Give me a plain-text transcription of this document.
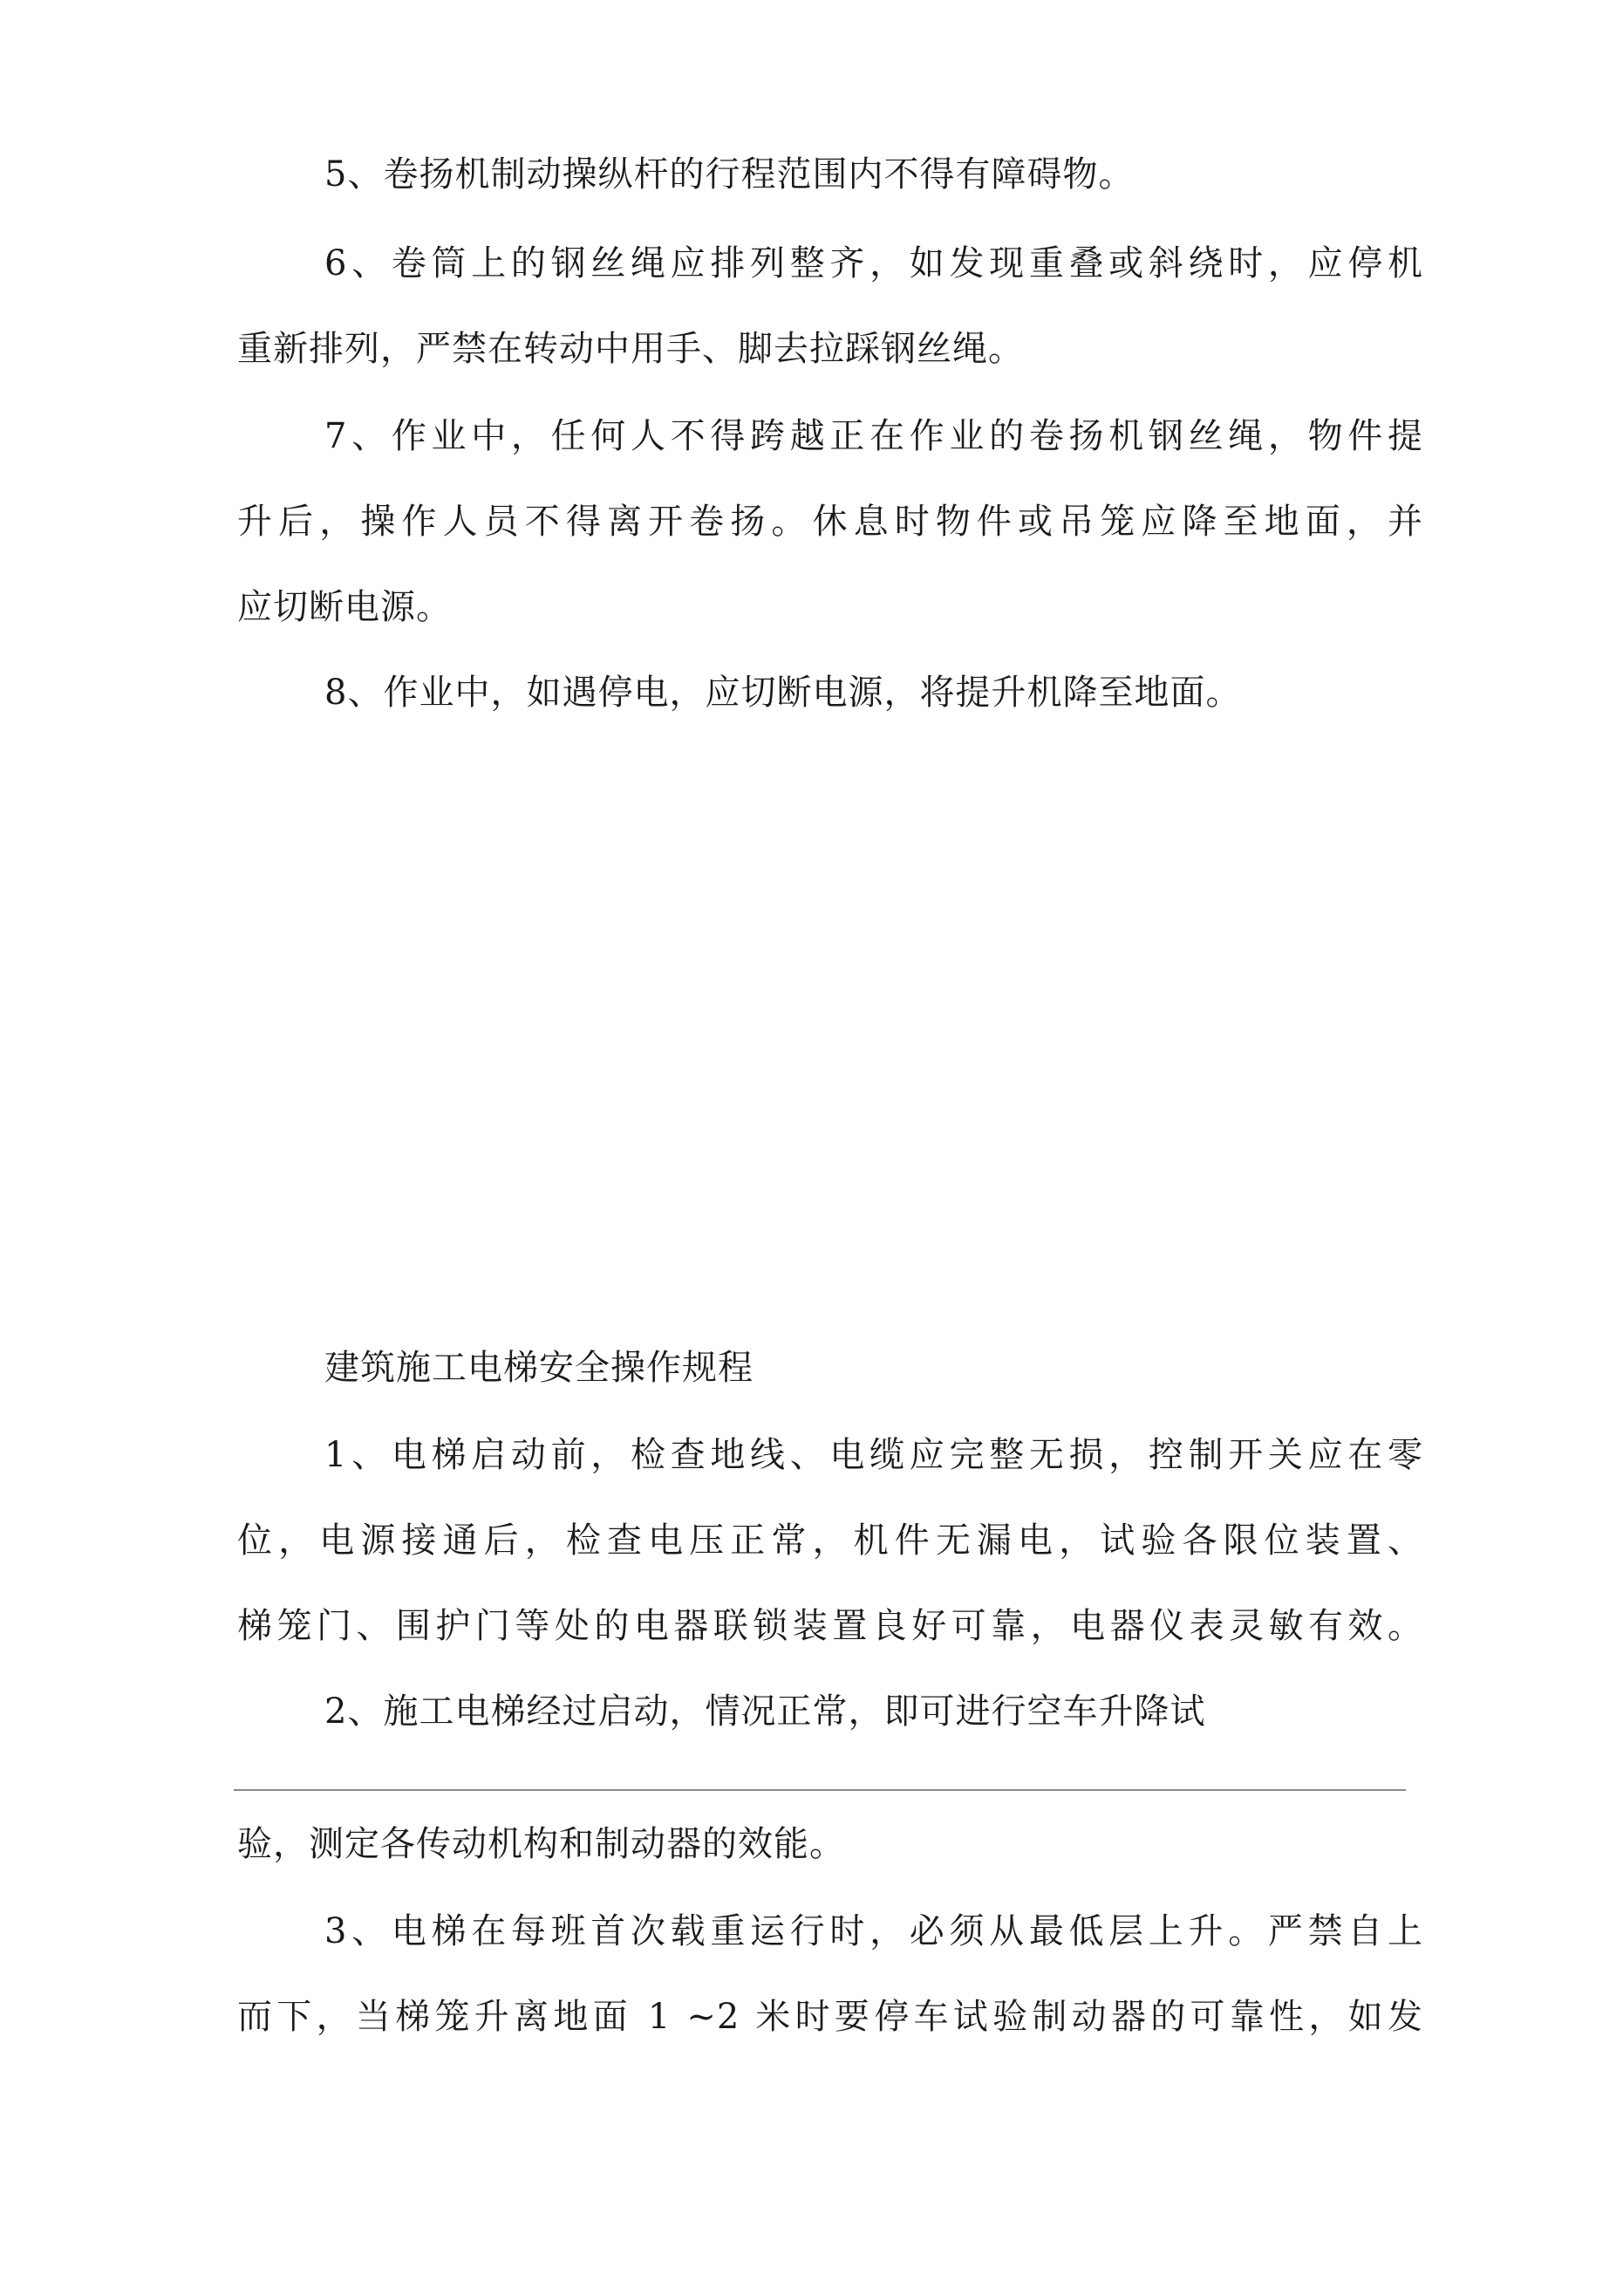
5、卷扬机制动操纵杆的行程范围内不得有障碍物。
6、卷筒上的钢丝绳应排列整齐，如发现重叠或斜绕时，应停机
重新排列，严禁在转动中用手、脚去拉踩钢丝绳。
7、作业中，任何人不得跨越正在作业的卷扬机钢丝绳，物件提
升后，操作人员不得离开卷扬。休息时物件或吊笼应降至地面，并
应切断电源。
8、作业中，如遇停电，应切断电源，将提升机降至地面。
建筑施工电梯安全操作规程
1、电梯启动前，检查地线、电缆应完整无损，控制开关应在零
位，电源接通后，检查电压正常，机件无漏电，试验各限位装置、
梯笼门、围护门等处的电器联锁装置良好可靠，电器仪表灵敏有效。
2、施工电梯经过启动，情况正常，即可进行空车升降试
验，测定各传动机构和制动器的效能。
3、电梯在每班首次载重运行时，必须从最低层上升。严禁自上
而下，当梯笼升离地面 1 ~2 米时要停车试验制动器的可靠性，如发
